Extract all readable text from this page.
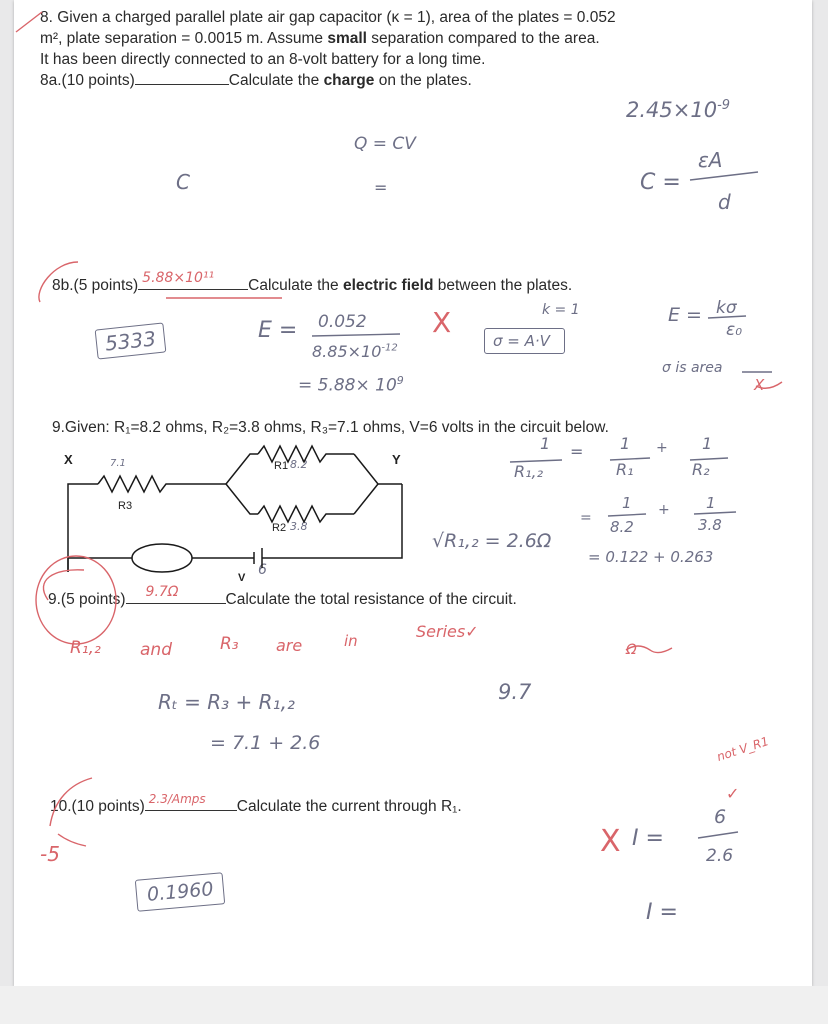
8. Given a charged parallel plate air gap capacitor (κ = 1), area of the plates = 0.052
m², plate separation = 0.0015 m. Assume small separation compared to the area.
It has been directly connected to an 8-volt battery for a long time.
8a.(10 points)	Calculate the charge on the plates.
Q = CV
C	=
$2.45\times 10^{-9}$
C =
εA
d
8b.(5 points) 5.88×10¹¹ Calculate the electric field between the plates.
5333	E = 0.052
$8.85\times 10^{-12}$
X
= $5.88\times 10^9$
k = 1
σ = A·V
E = kσ
ε₀
σ is area
X
9.Given: R₁=8.2 ohms, R₂=3.8 ohms, R₃=7.1 ohms, V=6 volts in the circuit below.
X	Y
R1 8.2
R2 3.8
R3
7.1
V 6
1
R₁,₂
= 1
R₁
+ 1
R₂
=
1
8.2
+ 1
3.8
√R₁,₂ = 2.6Ω
= 0.122 + 0.263
9.(5 points) 9.7Ω	Calculate the total resistance of the circuit.
R₁,₂ and	R₃ are	in	Series✓
Ω
Rₜ = R₃ + R₁,₂
= 7.1 + 2.6
9.7
not V_R1
10.(10 points) 2.3/Amps Calculate the current through R₁.
-5	X I =
6
✓
2.6
I =
0.1960
